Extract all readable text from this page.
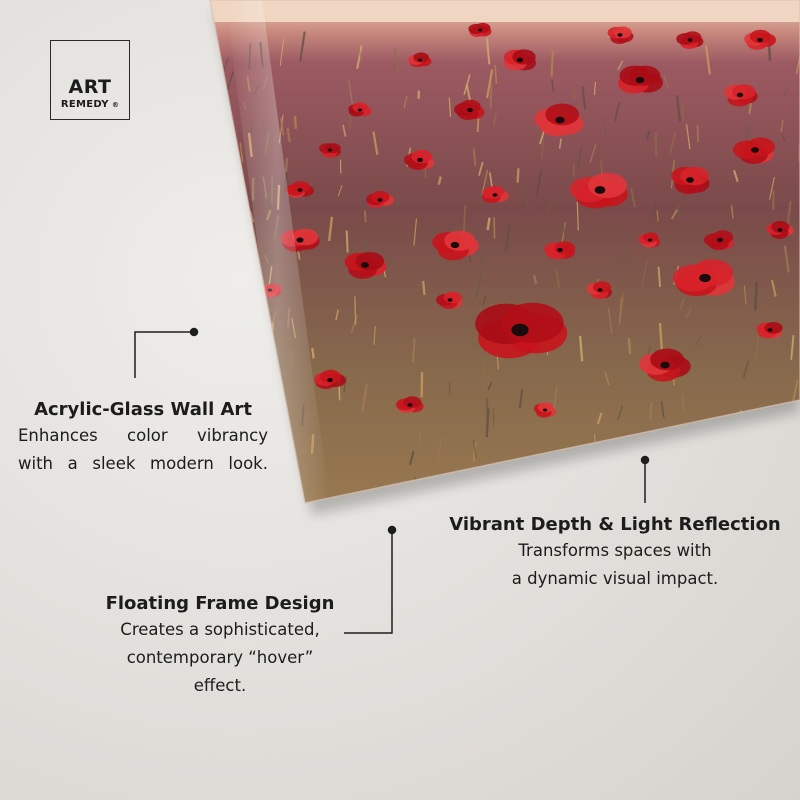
ART
REMEDY ®
Acrylic-Glass Wall Art
Enhances color vibrancy
with a sleek modern look.
Floating Frame Design
Creates a sophisticated,
contemporary “hover”
effect.
Vibrant Depth & Light Reflection
Transforms spaces with
a dynamic visual impact.
